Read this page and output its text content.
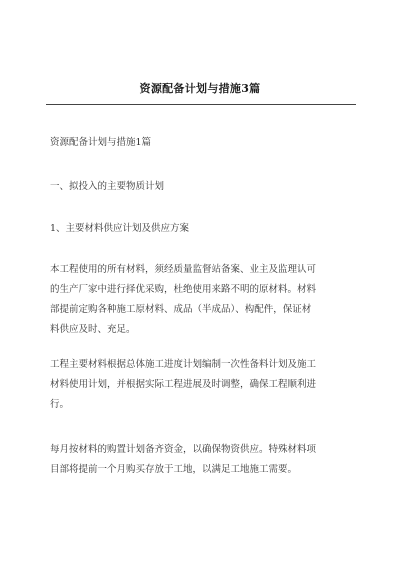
资源配备计划与措施3篇
资源配备计划与措施1篇
一、拟投入的主要物质计划
1、主要材料供应计划及供应方案
本工程使用的所有材料，须经质量监督站备案、业主及监理认可
的生产厂家中进行择优采购，杜绝使用来路不明的原材料。材料
部提前定购各种施工原材料、成品（半成品）、构配件，保证材
料供应及时、充足。
工程主要材料根据总体施工进度计划编制一次性备料计划及施工
材料使用计划，并根据实际工程进展及时调整，确保工程顺利进
行。
每月按材料的购置计划备齐资金，以确保物资供应。特殊材料项
目部将提前一个月购买存放于工地，以满足工地施工需要。
